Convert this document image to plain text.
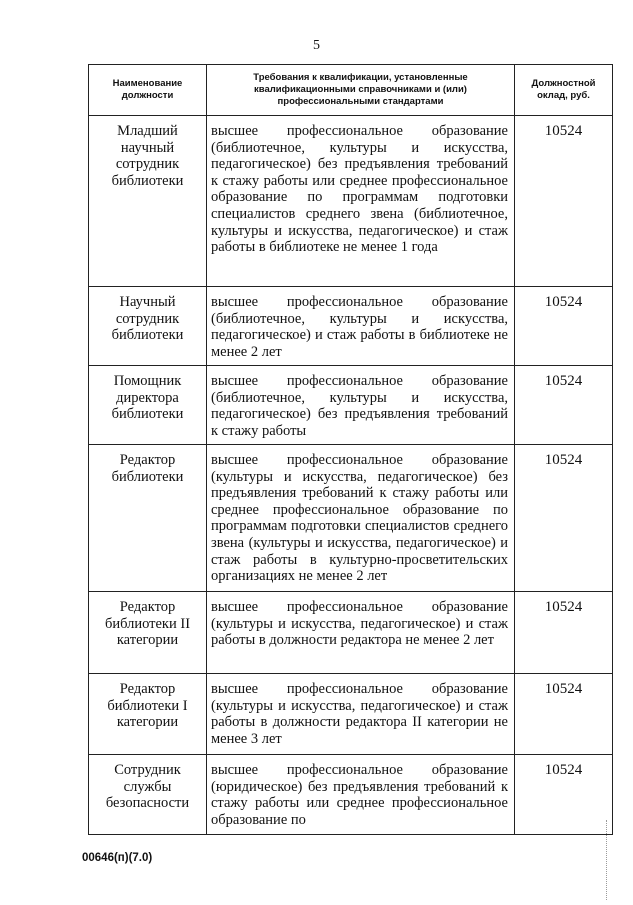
5
Наименование должности	Требования к квалификации, установленные квалификационными справочниками и (или) профессиональными стандартами	Должностной оклад, руб.
Младший научный сотрудник библиотеки	высшее профессиональное образование (библиотечное, культуры и искусства, педагогическое) без предъявления требований к стажу работы или среднее профессиональное образование по программам подготовки специалистов среднего звена (библиотечное, культуры и искусства, педагогическое) и стаж работы в библиотеке не менее 1 года	10524
Научный сотрудник библиотеки	высшее профессиональное образование (библиотечное, культуры и искусства, педагогическое) и стаж работы в библиотеке не менее 2 лет	10524
Помощник директора библиотеки	высшее профессиональное образование (библиотечное, культуры и искусства, педагогическое) без предъявления требований к стажу работы	10524
Редактор библиотеки	высшее профессиональное образование (культуры и искусства, педагогическое) без предъявления требований к стажу работы или среднее профессиональное образование по программам подготовки специалистов среднего звена (культуры и искусства, педагогическое) и стаж работы в культурно-просветительских организациях не менее 2 лет	10524
Редактор библиотеки II категории	высшее профессиональное образование (культуры и искусства, педагогическое) и стаж работы в должности редактора не менее 2 лет	10524
Редактор библиотеки I категории	высшее профессиональное образование (культуры и искусства, педагогическое) и стаж работы в должности редактора II категории не менее 3 лет	10524
Сотрудник службы безопасности	высшее профессиональное образование (юридическое) без предъявления требований к стажу работы или среднее профессиональное образование по	10524
00646(п)(7.0)
